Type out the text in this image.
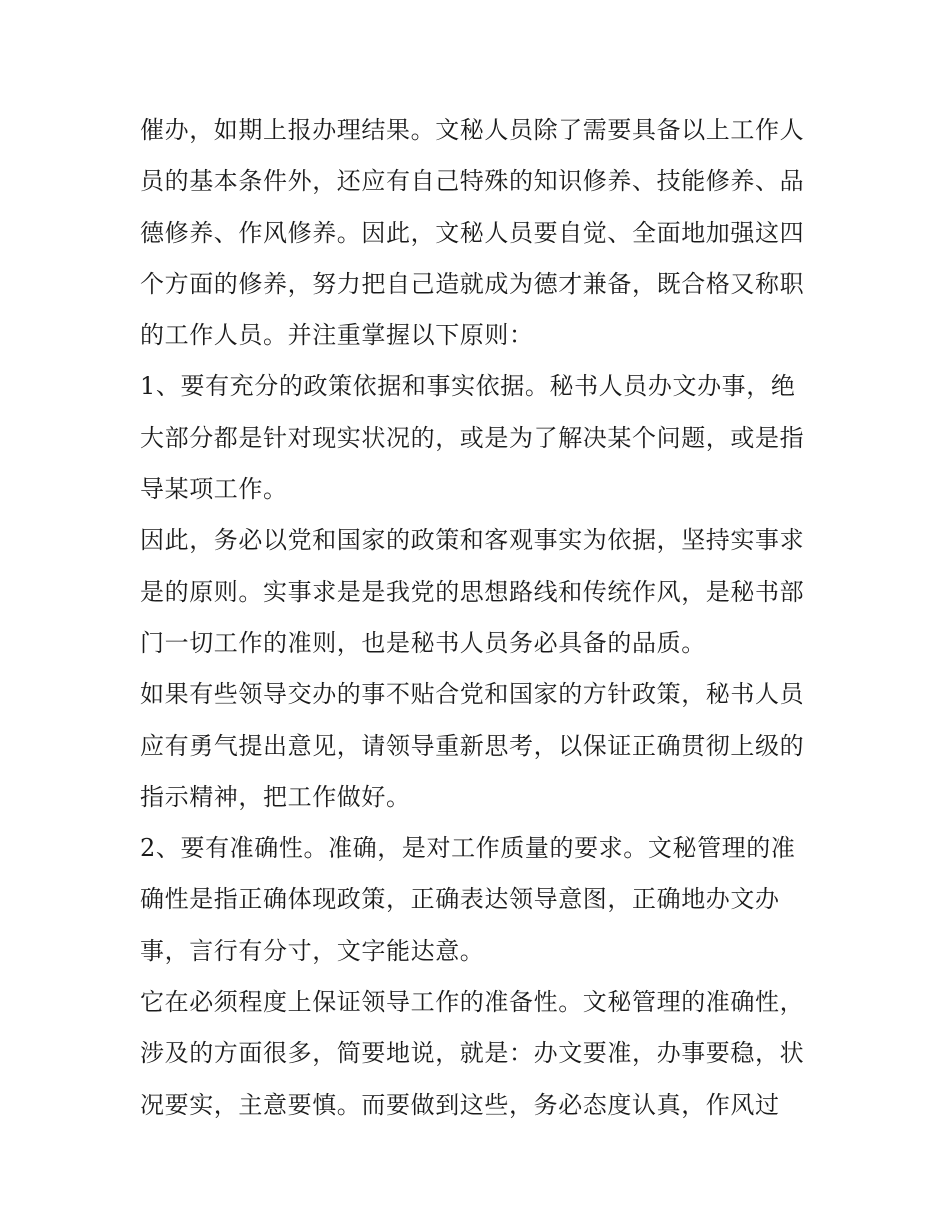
催办，如期上报办理结果。文秘人员除了需要具备以上工作人
员的基本条件外，还应有自己特殊的知识修养、技能修养、品
德修养、作风修养。因此，文秘人员要自觉、全面地加强这四
个方面的修养，努力把自己造就成为德才兼备，既合格又称职
的工作人员。并注重掌握以下原则：
1、要有充分的政策依据和事实依据。秘书人员办文办事，绝
大部分都是针对现实状况的，或是为了解决某个问题，或是指
导某项工作。
因此，务必以党和国家的政策和客观事实为依据，坚持实事求
是的原则。实事求是是我党的思想路线和传统作风，是秘书部
门一切工作的准则，也是秘书人员务必具备的品质。
如果有些领导交办的事不贴合党和国家的方针政策，秘书人员
应有勇气提出意见，请领导重新思考，以保证正确贯彻上级的
指示精神，把工作做好。
2、要有准确性。准确，是对工作质量的要求。文秘管理的准
确性是指正确体现政策，正确表达领导意图，正确地办文办
事，言行有分寸，文字能达意。
它在必须程度上保证领导工作的准备性。文秘管理的准确性，
涉及的方面很多，简要地说，就是：办文要准，办事要稳，状
况要实，主意要慎。而要做到这些，务必态度认真，作风过
